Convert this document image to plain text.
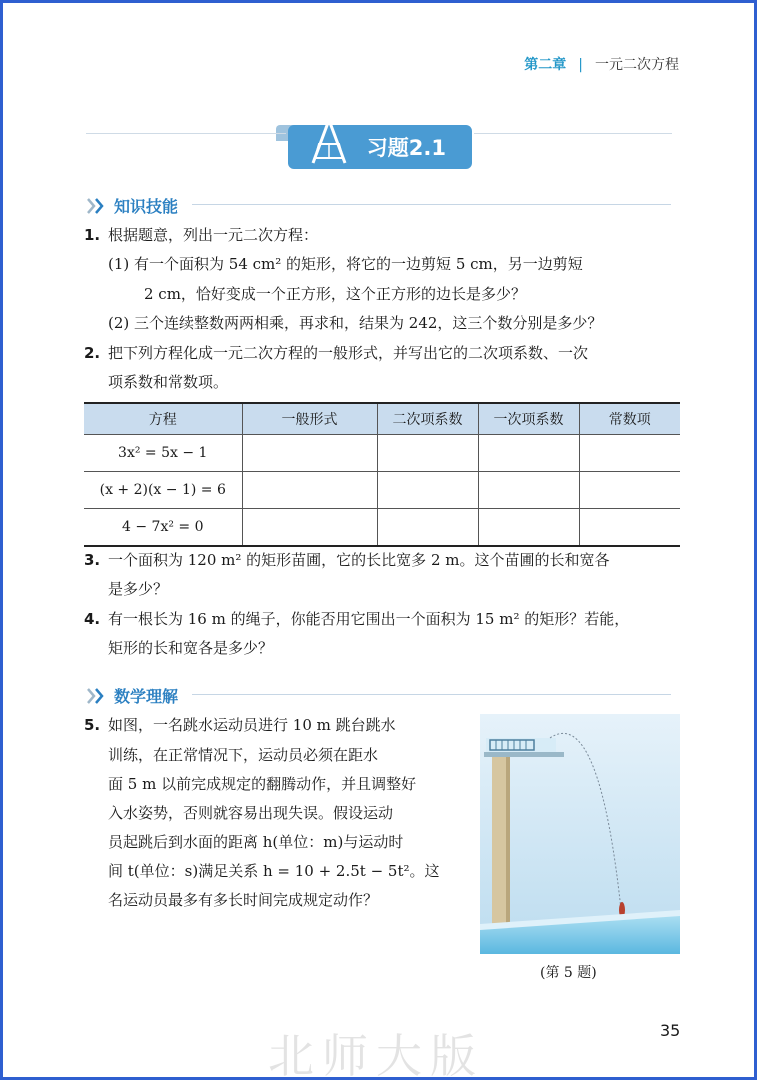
第二章 | 一元二次方程
习题2.1
知识技能
1. 根据题意，列出一元二次方程：
(1) 有一个面积为 54 cm² 的矩形，将它的一边剪短 5 cm，另一边剪短
2 cm，恰好变成一个正方形，这个正方形的边长是多少？
(2) 三个连续整数两两相乘，再求和，结果为 242，这三个数分别是多少？
2. 把下列方程化成一元二次方程的一般形式，并写出它的二次项系数、一次
项系数和常数项。
方程	一般形式	二次项系数	一次项系数	常数项
3x² = 5x − 1				
(x + 2)(x − 1) = 6				
4 − 7x² = 0				
3. 一个面积为 120 m² 的矩形苗圃，它的长比宽多 2 m。这个苗圃的长和宽各
是多少？
4. 有一根长为 16 m 的绳子，你能否用它围出一个面积为 15 m² 的矩形？若能，
矩形的长和宽各是多少？
数学理解
5. 如图，一名跳水运动员进行 10 m 跳台跳水
训练，在正常情况下，运动员必须在距水
面 5 m 以前完成规定的翻腾动作，并且调整好
入水姿势，否则就容易出现失误。假设运动
员起跳后到水面的距离 h(单位：m)与运动时
间 t(单位：s)满足关系 h = 10 + 2.5t − 5t²。这
名运动员最多有多长时间完成规定动作？
(第 5 题)
北师大版	35
